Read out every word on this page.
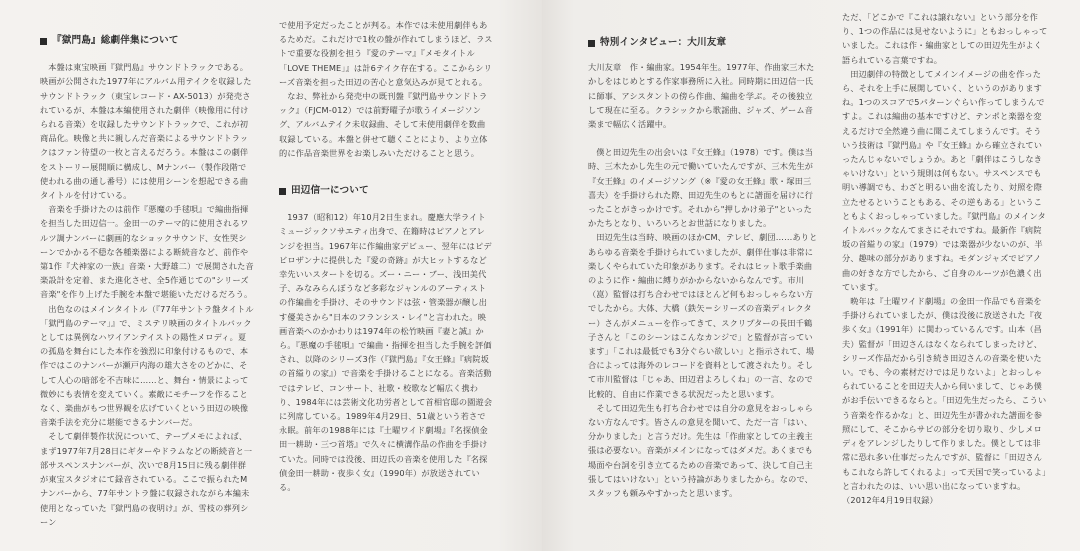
『獄門島』総劇伴集について

本盤は東宝映画『獄門島』サウンドトラックである。映画が公開された1977年にアルバム用テイクを収録したサウンドトラック（東宝レコード・AX-5013）が発売されているが、本盤は本編使用された劇伴（映像用に付けられる音楽）を収録したサウンドトラックで、これが初商品化。映像と共に親しんだ音楽によるサウンドトラックはファン待望の一枚と言えるだろう。本盤はこの劇伴をストーリー展開順に構成し、Mナンバー（製作段階で使われる曲の通し番号）には使用シーンを想起できる曲タイトルを付けている。

音楽を手掛けたのは前作『悪魔の手毬唄』で編曲指揮を担当した田辺信一。金田一のテーマ的に使用されるワルツ調ナンバーに劇画的なショックサウンド、女性哭シーンでかかる不穏な各種楽器による断続音など、前作や第1作『犬神家の一族』音楽・大野雄二）で展開された音楽設計を定着、また進化させ、全5作通じての"シリーズ音楽"を作り上げた手腕を本盤で堪能いただけるだろう。

出色なのはメインタイトル（『77年サントラ盤タイトル「獄門島のテーマ」』で、ミステリ映画のタイトルバックとしては異例なハワイアンテイストの陽性メロディ。夏の孤島を舞台にした本作を強烈に印象付けるもので、本作ではこのナンバーが瀬戸内海の雄大さをのどかに、そして人心の暗部を不吉味に……と、舞台・情景によって微妙にも表情を変えていく。素敵にモチーフを作ることなく、楽曲がもつ世界観を広げていくという田辺の映像音楽手法を充分に堪能できるナンバーだ。

そして劇伴製作状況について、テープメモによれば、まず1977年7月28日にギターやドラムなどの断続音と一部サスペンスナンバーが、次いで8月15日に残る劇伴群が東宝スタジオにて録音されている。ここで振られたMナンバーから、77年サントラ盤に収録されながら本編未使用となっていた『獄門島の夜明け』が、雪枝の葬列シーン

で使用予定だったことが判る。本作では未使用劇伴もあるためだ。これだけで1枚の盤が作れてしまうほど、ラストで重要な役割を担う『愛のテーマ』『メモタイトル「LOVE THEME」』は計6テイク存在する。ここからシリーズ音楽を担った田辺の苦心と意気込みが見てとれる。

なお、弊社から発売中の既刊盤『獄門島サウンドトラック』（FJCM-012）では前野曜子が歌うイメージソング、アルバムテイク未収録曲、そして未使用劇伴を数曲収録している。本盤と併せて聴くことにより、より立体的に作品音楽世界をお楽しみいただけることと思う。

田辺信一について

1937（昭和12）年10月2日生まれ。慶應大学ライトミュージックソサエティ出身で、在籍時はピアノとアレンジを担当。1967年に作編曲家デビュー、翌年にはピデビロザンナに提供した『愛の奇跡』が大ヒットするなど幸先いいスタートを切る。ズー・ニー・ブー、浅田美代子、みなみらんぼうなど多彩なジャンルのアーティストの作編曲を手掛け、そのサウンドは弦・管楽器が醸し出す優美さから"日本のフランシス・レイ"と言われた。映画音楽へのかかわりは1974年の松竹映画『妻と誠』から。『悪魔の手毬唄』で編曲・指揮を担当した手腕を評価され、以降のシリーズ3作（『獄門島』『女王蜂』『病院坂の首縊りの家』）で音楽を手掛けることになる。音楽活動ではテレビ、コンサート、社歌・校歌など幅広く携わり、1984年には芸術文化功労者として首相官邸の園遊会に列席している。1989年4月29日、51歳という若さで永眠。前年の1988年には『土曜ワイド劇場』『名探偵金田一耕助・三つ首塔』で久々に横溝作品の作曲を手掛けていた。同時では没後、田辺氏の音楽を使用した『名探偵金田一耕助・夜歩く女』（1990年）が放送されている。

特別インタビュー：大川友章

大川友章　作・編曲家。1954年生。1977年、作曲家三木たかしをはじめとする作家事務所に入社。同時期に田辺信一氏に師事、アシスタントの傍ら作曲、編曲を学ぶ。その後独立して現在に至る。クラシックから歌謡曲、ジャズ、ゲーム音楽まで幅広く活躍中。

僕と田辺先生の出会いは『女王蜂』（1978）です。僕は当時、三木たかし先生の元で働いていたんですが、三木先生が『女王蜂』のイメージソング（※『愛の女王蜂』歌・塚田三喜夫）を手掛けられた際、田辺先生のもとに譜面を届けに行ったことがきっかけです。それから"押しかけ弟子"といったかたちとなり、いろいろとお世話になりました。

田辺先生は当時、映画のほかCM、テレビ、劇団……ありとあらゆる音楽を手掛けられていましたが、劇伴仕事は非常に楽しくやられていた印象があります。それはヒット歌手楽曲のように作・編曲に縛りがかからないからなんです。市川（崑）監督は打ち合わせではほとんど何もおっしゃらない方でしたから。大体、大橋（鉄矢＝シリーズの音楽ディレクター）さんがメニューを作ってきて、スクリプターの長田千鶴子さんと「このシーンはこんなカンジで」と監督が言っています」「これは最低でも3分ぐらい欲しい」と指示されて、場合によっては海外のレコードを資料として渡されたり。そして市川監督は「じゃあ、田辺君よろしくね」の一言、なので比較的、自由に作業できる状況だったと思います。

そして田辺先生も打ち合わせでは自分の意見をおっしゃらない方なんです。皆さんの意見を聞いて、ただ一言「はい、分かりました」と言うだけ。先生は「作曲家としての主義主張は必要ない。音楽がメインになってはダメだ。あくまでも場面や台詞を引き立てるための音楽であって、決して自己主張してはいけない」という持論がありましたから。なので、スタッフも頼みやすかったと思います。

ただ、「どこかで『これは譲れない』という部分を作り、1つの作品には見せないように」ともおっしゃっていました。これは作・編曲家としての田辺先生がよく語られている言葉ですね。

田辺劇伴の特徴としてメインイメージの曲を作ったら、それを上手に展開していく、というのがありますね。1つのスコアで5パターンぐらい作ってしまうんですよ。これは編曲の基本ですけど、テンポと楽器を変えるだけで全然違う曲に聞こえてしまうんです。そういう技術は『獄門島』や『女王蜂』から確立されていったんじゃないでしょうか。あと「劇伴はこうしなきゃいけない」という規則は何もない。サスペンスでも明い導調でも、わざと明るい曲を流したり、対照を際立たせるということもある、その逆もある」ということもよくおっしゃっていました。『獄門島』のメインタイトルバックなんてまさにそれですね。最新作『病院坂の首縊りの家』（1979）では楽器が少ないのが、半分、趣味の部分がありますね。モダンジャズでピアノ曲の好きな方でしたから、ご自身のルーツが色濃く出ています。

晩年は『土曜ワイド劇場』の金田一作品でも音楽を手掛けられていましたが、僕は没後に放送された『夜歩く女』（1991年）に関わっているんです。山本（昌夫）監督が「田辺さんはなくなられてしまったけど、シリーズ作品だから引き続き田辺さんの音楽を使いたい。でも、今の素材だけでは足りないよ」とおっしゃられていることを田辺夫人から伺いまして、じゃあ僕がお手伝いできるならと。「田辺先生だったら、こういう音楽を作るかな」と、田辺先生が書かれた譜面を参照にして、そこからサビの部分を切り取り、少しメロディをアレンジしたりして作りました。僕としては非常に恐れ多い仕事だったんですが、監督に「田辺さんもこれなら許してくれるよ」って天国で笑っているよ」と言われたのは、いい思い出になっていますね。

（2012年4月19日収録）
